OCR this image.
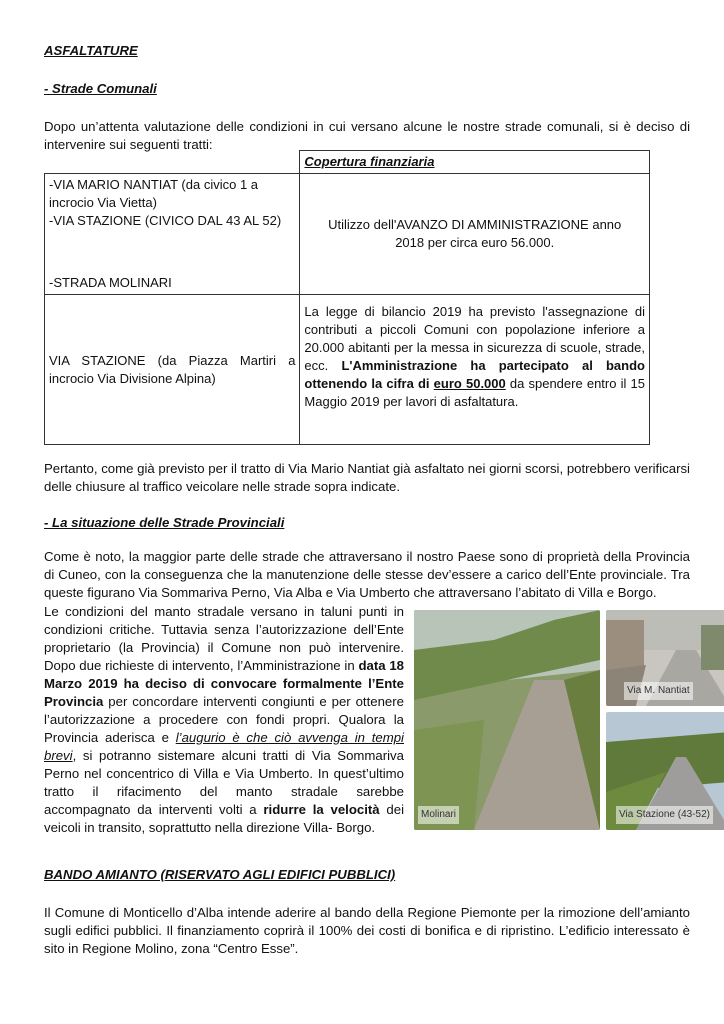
ASFALTATURE
- Strade Comunali
Dopo un’attenta valutazione delle condizioni in cui versano alcune le nostre strade comunali, si è deciso di intervenire sui seguenti tratti:
	Copertura finanziaria

-VIA MARIO NANTIAT (da civico 1 a incrocio Via Vietta)
-VIA STAZIONE (CIVICO DAL 43 AL 52)
-STRADA MOLINARI	Utilizzo dell'AVANZO DI AMMINISTRAZIONE anno 2018 per circa euro 56.000.

VIA STAZIONE (da Piazza Martiri a incrocio Via Divisione Alpina)	La legge di bilancio 2019 ha previsto l'assegnazione di contributi a piccoli Comuni con popolazione inferiore a 20.000 abitanti per la messa in sicurezza di scuole, strade, ecc. L'Amministrazione ha partecipato al bando ottenendo la cifra di euro 50.000 da spendere entro il 15 Maggio 2019 per lavori di asfaltatura.
Pertanto, come già previsto per il tratto di Via Mario Nantiat già asfaltato nei giorni scorsi, potrebbero verificarsi delle chiusure al traffico veicolare nelle strade sopra indicate.
- La situazione delle Strade Provinciali
Come è noto, la maggior parte delle strade che attraversano il nostro Paese sono di proprietà della Provincia di Cuneo, con la conseguenza che la manutenzione delle stesse dev’essere a carico dell’Ente provinciale. Tra queste figurano Via Sommariva Perno, Via Alba e Via Umberto che attraversano l’abitato di Villa e Borgo.
Le condizioni del manto stradale versano in taluni punti in condizioni critiche. Tuttavia senza l’autorizzazione dell’Ente proprietario (la Provincia) il Comune non può intervenire. Dopo due richieste di intervento, l’Amministrazione in data 18 Marzo 2019 ha deciso di convocare formalmente l’Ente Provincia per concordare interventi congiunti e per ottenere l’autorizzazione a procedere con fondi propri. Qualora la Provincia aderisca e l’augurio è che ciò avvenga in tempi brevi, si potranno sistemare alcuni tratti di Via Sommariva Perno nel concentrico di Villa e Via Umberto. In quest’ultimo tratto il rifacimento del manto stradale sarebbe accompagnato da interventi volti a ridurre la velocità dei veicoli in transito, soprattutto nella direzione Villa- Borgo.
Molinari
Via M. Nantiat
Via Stazione (43-52)
BANDO AMIANTO (RISERVATO AGLI EDIFICI PUBBLICI)
Il Comune di Monticello d’Alba intende aderire al bando della Regione Piemonte per la rimozione dell’amianto sugli edifici pubblici. Il finanziamento coprirà il 100% dei costi di bonifica e di ripristino. L’edificio interessato è sito in Regione Molino, zona “Centro Esse”.
